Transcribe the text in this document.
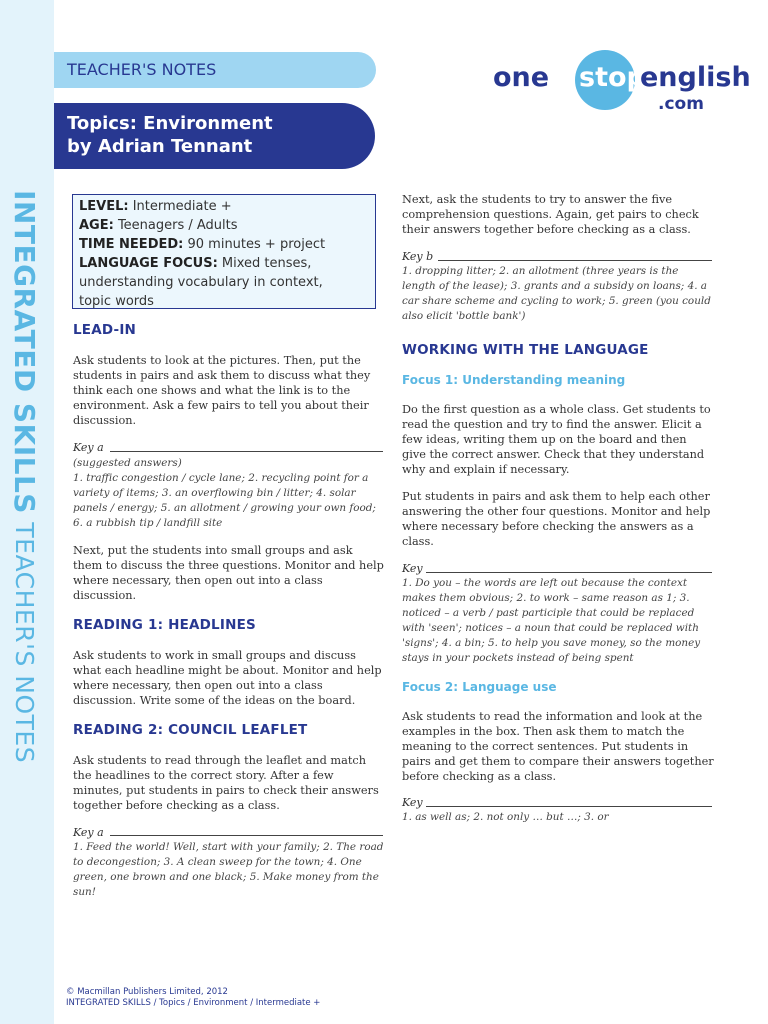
INTEGRATED SKILLS TEACHER'S NOTES
TEACHER'S NOTES
Topics: Environment
by Adrian Tennant
one stop
english
.com
LEVEL: Intermediate +
AGE: Teenagers / Adults
TIME NEEDED: 90 minutes + project
LANGUAGE FOCUS: Mixed tenses,
understanding vocabulary in context,
topic words
LEAD-IN

Ask students to look at the pictures. Then, put the students in pairs and ask them to discuss what they think each one shows and what the link is to the environment. Ask a few pairs to tell you about their discussion.

Key a
(suggested answers)
1. traffic congestion / cycle lane; 2. recycling point for a variety of items; 3. an overflowing bin / litter; 4. solar panels / energy; 5. an allotment / growing your own food; 6. a rubbish tip / landfill site

Next, put the students into small groups and ask them to discuss the three questions. Monitor and help where necessary, then open out into a class discussion.

READING 1: HEADLINES

Ask students to work in small groups and discuss what each headline might be about. Monitor and help where necessary, then open out into a class discussion. Write some of the ideas on the board.

READING 2: COUNCIL LEAFLET

Ask students to read through the leaflet and match the headlines to the correct story. After a few minutes, put students in pairs to check their answers together before checking as a class.

Key a
1. Feed the world! Well, start with your family; 2. The road to decongestion; 3. A clean sweep for the town; 4. One green, one brown and one black; 5. Make money from the sun!

Next, ask the students to try to answer the five comprehension questions. Again, get pairs to check their answers together before checking as a class.

Key b
1. dropping litter; 2. an allotment (three years is the length of the lease); 3. grants and a subsidy on loans; 4. a car share scheme and cycling to work; 5. green (you could also elicit 'bottle bank')
WORKING WITH THE LANGUAGE
Focus 1: Understanding meaning

Do the first question as a whole class. Get students to read the question and try to find the answer. Elicit a few ideas, writing them up on the board and then give the correct answer. Check that they understand why and explain if necessary.

Put students in pairs and ask them to help each other answering the other four questions. Monitor and help where necessary before checking the answers as a class.

Key
1. Do you – the words are left out because the context makes them obvious; 2. to work – same reason as 1; 3. noticed – a verb / past participle that could be replaced with 'seen'; notices – a noun that could be replaced with 'signs'; 4. a bin; 5. to help you save money, so the money stays in your pockets instead of being spent
Focus 2: Language use

Ask students to read the information and look at the examples in the box. Then ask them to match the meaning to the correct sentences. Put students in pairs and get them to compare their answers together before checking as a class.

Key
1. as well as; 2. not only … but …; 3. or
© Macmillan Publishers Limited, 2012
INTEGRATED SKILLS / Topics / Environment / Intermediate +
